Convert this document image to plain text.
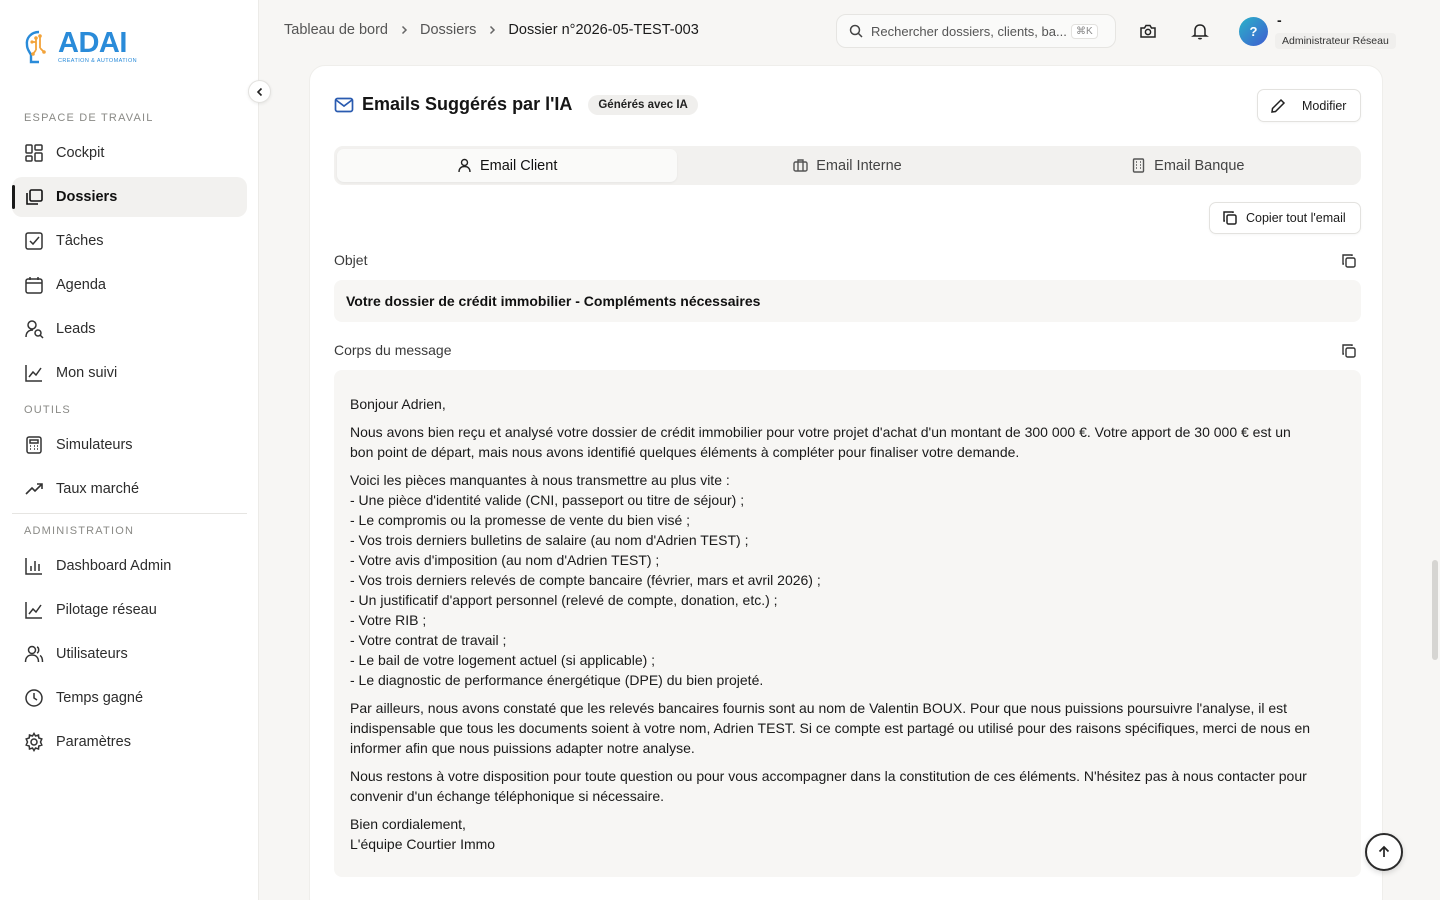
ADAI
CREATION & AUTOMATION
ESPACE DE TRAVAIL
Cockpit
Dossiers
Tâches
Agenda
Leads
Mon suivi
OUTILS
Simulateurs
Taux marché
ADMINISTRATION
Dashboard Admin
Pilotage réseau
Utilisateurs
Temps gagné
Paramètres
Tableau de bord Dossiers Dossier n°2026-05-TEST-003	Rechercher dossiers, clients, ba... ⌘K	?
-
Administrateur Réseau
Emails Suggérés par l'IA	Générés avec IA	Modifier
Email Client	Email Interne	Email Banque
Copier tout l'email
Objet
Votre dossier de crédit immobilier - Compléments nécessaires
Corps du message

Bonjour Adrien,

Nous avons bien reçu et analysé votre dossier de crédit immobilier pour votre projet d'achat d'un montant de 300 000 €. Votre apport de 30 000 € est un
bon point de départ, mais nous avons identifié quelques éléments à compléter pour finaliser votre demande.

Voici les pièces manquantes à nous transmettre au plus vite :
- Une pièce d'identité valide (CNI, passeport ou titre de séjour) ;
- Le compromis ou la promesse de vente du bien visé ;
- Vos trois derniers bulletins de salaire (au nom d'Adrien TEST) ;
- Votre avis d'imposition (au nom d'Adrien TEST) ;
- Vos trois derniers relevés de compte bancaire (février, mars et avril 2026) ;
- Un justificatif d'apport personnel (relevé de compte, donation, etc.) ;
- Votre RIB ;
- Votre contrat de travail ;
- Le bail de votre logement actuel (si applicable) ;
- Le diagnostic de performance énergétique (DPE) du bien projeté.

Par ailleurs, nous avons constaté que les relevés bancaires fournis sont au nom de Valentin BOUX. Pour que nous puissions poursuivre l'analyse, il est
indispensable que tous les documents soient à votre nom, Adrien TEST. Si ce compte est partagé ou utilisé pour des raisons spécifiques, merci de nous en
informer afin que nous puissions adapter notre analyse.

Nous restons à votre disposition pour toute question ou pour vous accompagner dans la constitution de ces éléments. N'hésitez pas à nous contacter pour
convenir d'un échange téléphonique si nécessaire.

Bien cordialement,
L'équipe Courtier Immo
